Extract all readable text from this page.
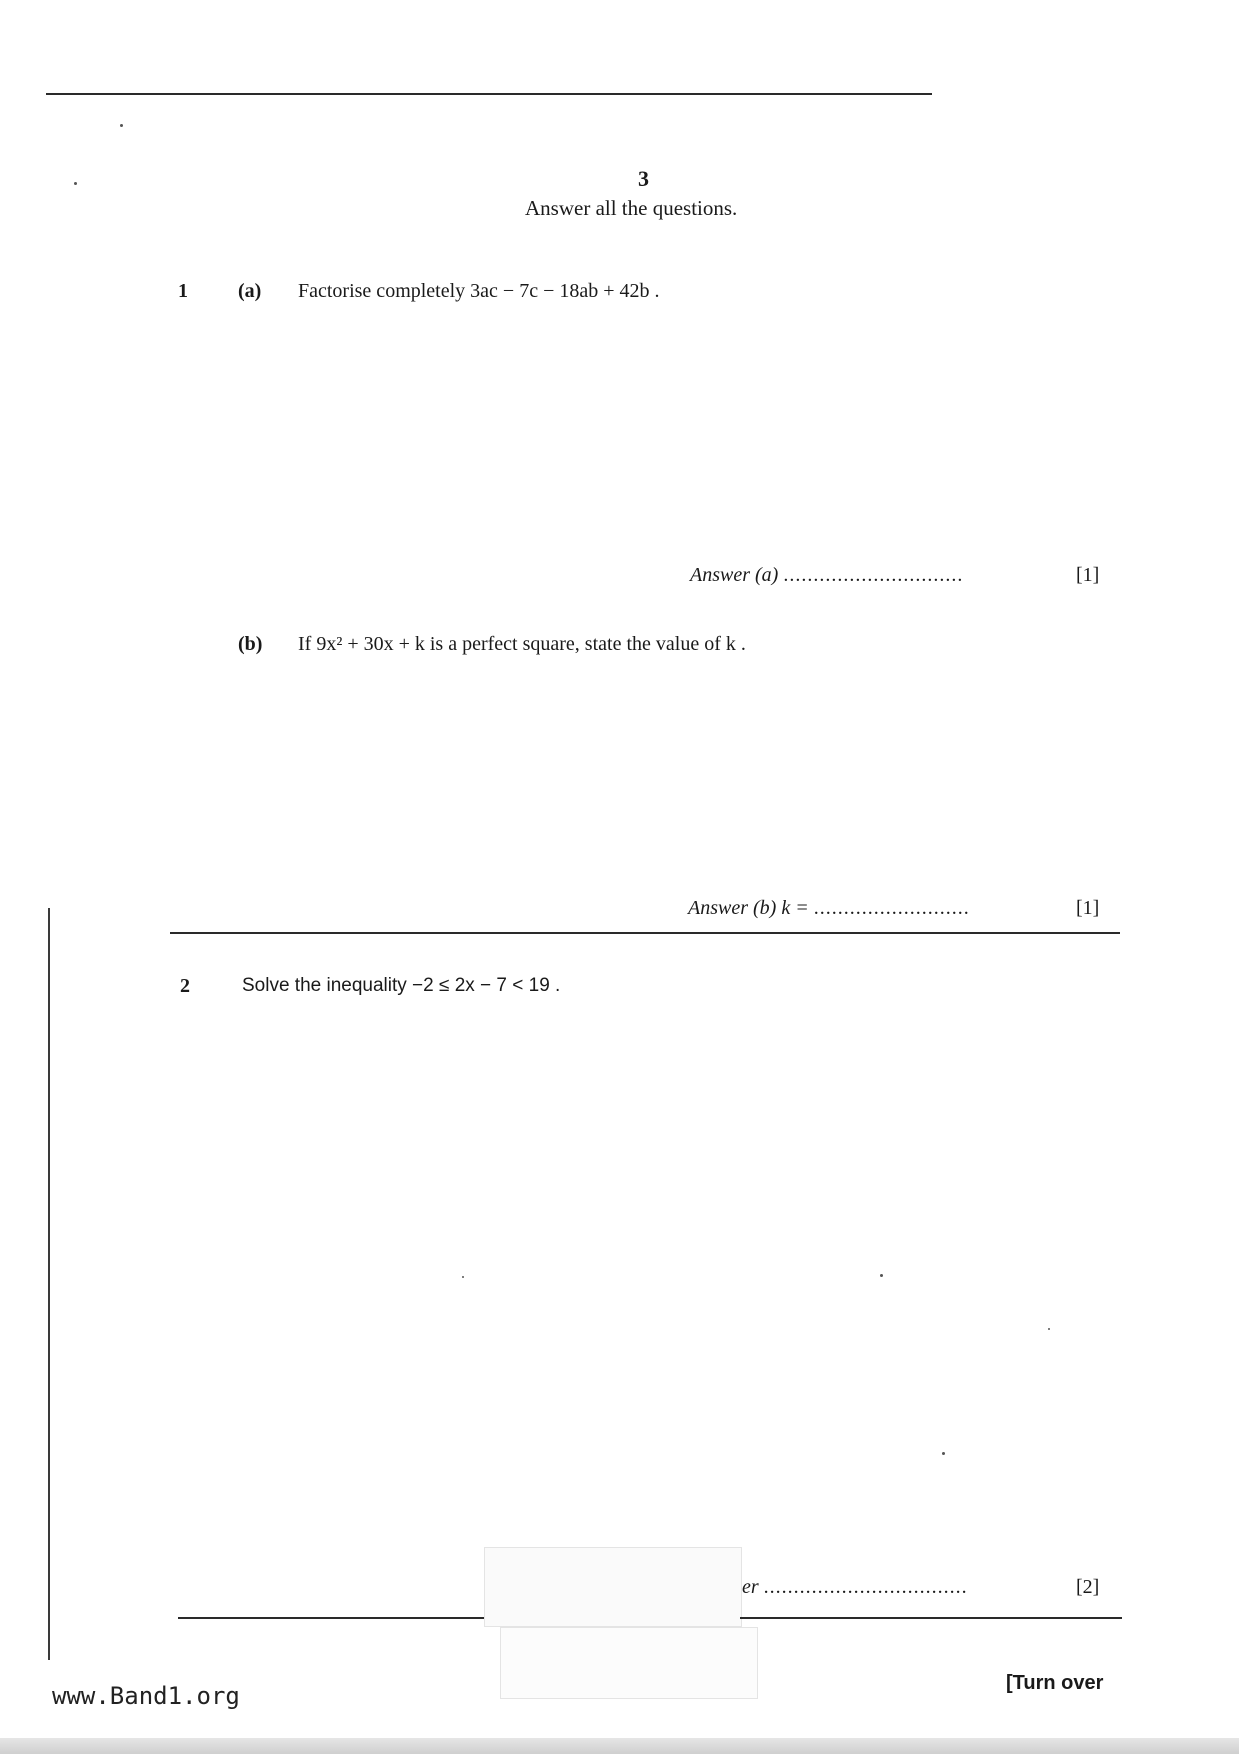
3
Answer all the questions.
1	(a) Factorise completely 3ac − 7c − 18ab + 42b .
Answer (a) ..............................	[1]
(b) If 9x² + 30x + k is a perfect square, state the value of k .
Answer (b) k = ..........................	[1]
2	Solve the inequality −2 ≤ 2x − 7 < 19 .
er ..................................	[2]
www.Band1.org	[Turn over
